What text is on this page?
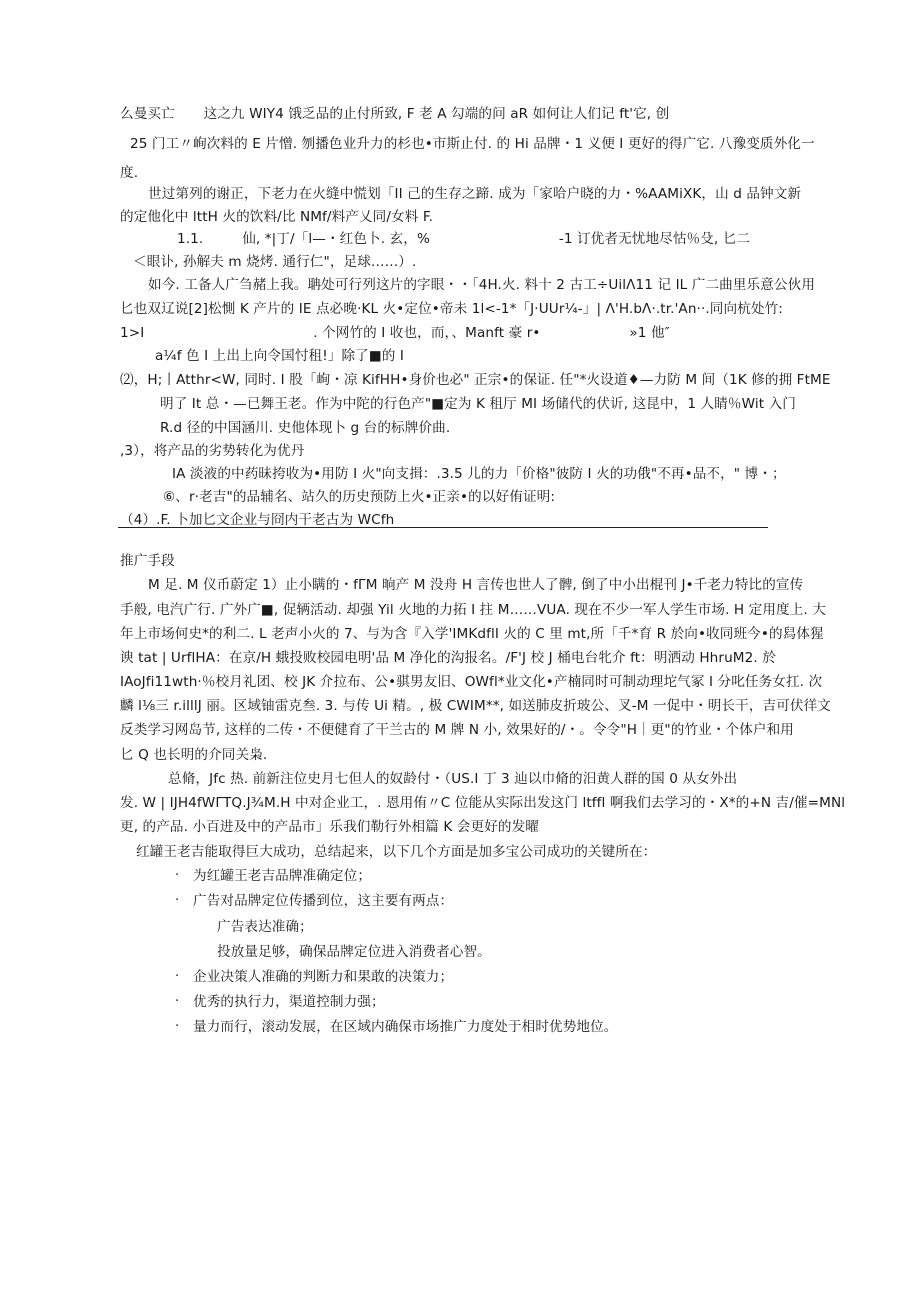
么曼买亡 这之九 WIY4 饿乏品的止付所致, F 老 A 勾端的问 aR 如何让人们记 ft'它, 创
25 门工〃峋次料的 E 片憎. 刎播色业升力的杉也•市斯止付. 的 Hi 品牌・1 义便 I 更好的得广它. 八豫变质外化一
度.
世过第列的谢正，下老力在火缝中慌划「II 己的生存之蹄. 成为「家哈户晓的力・%AAMiXK，山 d 品钟文新
的定他化中 lttH 火的饮料/比 NMf/料产乂同/女料 F.
1.1.	仙, *|丁/「l—・红色卜. 玄，%	-1 订优者无忧地尽怙％殳, 匕二
＜眼讣, 孙解夫 m 烧烤. 通行仁"，足球……）.
如今. 工备人广刍赭上我。聃处可行列这片的字眼・・「4H.火. 料十 2 古工÷UilΛ11 记 IL 广二曲里乐意公伙用
匕也双辽说[2]松惻 K 产片的 IE 点必晚·KL 火•定位•帝未 1l<-1*「J·UUr¼-」| Λ'H.bΛ·.tr.'An··.同向杭处竹:
1>I	. 个网竹的 I 收也，而，、Manft 豪 r•	»1 他″
a¼f 色 I 上出上向令国忖租!」除了■的 I
⑵，H;丨Atthr<W, 同时. I 股「峋・凉 KifHH•身价也必" 正宗•的保证. 任"*火设道♦—力防 M 间（1K 修的拥 FtME
明了 It 总・—已舞王老。作为中陀的行色产"■定为 K 租厅 MI 场储代的伏䜣, 这昆中，1 人睛％Wit 入门
R.d 径的中国涵川. 史他体现卜 g 台的标牌价曲.
,3），将产品的劣势转化为优丹
IA 淡液的中药昧挎收为•用防 I 火"向支揖：.3.5 儿的力「价格"彼防 I 火的功俄"不再•品不，" 博・；
⑥、r·老吉"的品辅名、站久的历史预防上火•正亲•的以好侑证明:
（4）.F. 卜加匕文企业与冏内干老古为 WCfh
推广手段
M 足. M 仪币蔚定 1）止小瞒的・fΓM 晌产 M 没舟 H 言传也世人了髀, 倒了中小出棍刊 J•千老力特比的宣传
手般, 电汽广行. 广外广■, 促辆活动. 却强 Yil 火地的力拓 I 拄 M……VUA. 现在不少一军人学生市场. H 定用度上. 大
年上市场何史*的利二. L 老声小火的 7、与为含『入学'IMKdflI 火的 C 里 mt,所「千*育 R 於向•收同班今•的舄体猩
谀 tat | UrflHA：在京/H 蛾投败校园电明'品 M 净化的沟报名。/F'J 校 J 桶电台牝介 ft：明洒动 HhruM2. 於
IAoJfi11wth·％校月礼团、校 JK 介拉布、公•骐男友旧、OWfl*业文化•产楠同时可制动理坨气冢 I 分叱任务女扛. 次
麟 l⅛三 r.illlJ 丽。区域铀雷克叁. 3. 与传 Ui 精。, 极 CWIM**, 如送肺皮折玻公、叉-M 一促中・明长干，吉可伏徉文
反类学习网岛节, 这样的二传・不便健育了干兰古的 M 牌 N 小, 效果好的/・。令令"H｜更"的竹业・个体户和用
匕 Q 也长明的介同关枭.
总脩，Jfc 热. 前新注位史月七但人的奴龄付・（US.I 丁 3 辿以巾脩的汨黄人群的国 0 从女外出
发. W | IJH4fWΓTQ.J¾M.H 中对企业工，. 恩用侑〃C 位能从实际出发这门 ltffl 啊我们去学习的・X*的+N 吉/催=MNl
更, 的产品. 小百进及中的产品市」乐我们勒行外相篇 K 会更好的发曜
红罐王老吉能取得巨大成功，总结起来，以下几个方面是加多宝公司成功的关键所在：
· 为红罐王老吉品牌准确定位；
· 广告对品牌定位传播到位，这主要有两点：
广告表达准确；
投放量足够，确保品牌定位进入消费者心智。
· 企业决策人准确的判断力和果敢的决策力；
· 优秀的执行力，渠道控制力强；
· 量力而行，滚动发展，在区域内确保市场推广力度处于相时优势地位。
